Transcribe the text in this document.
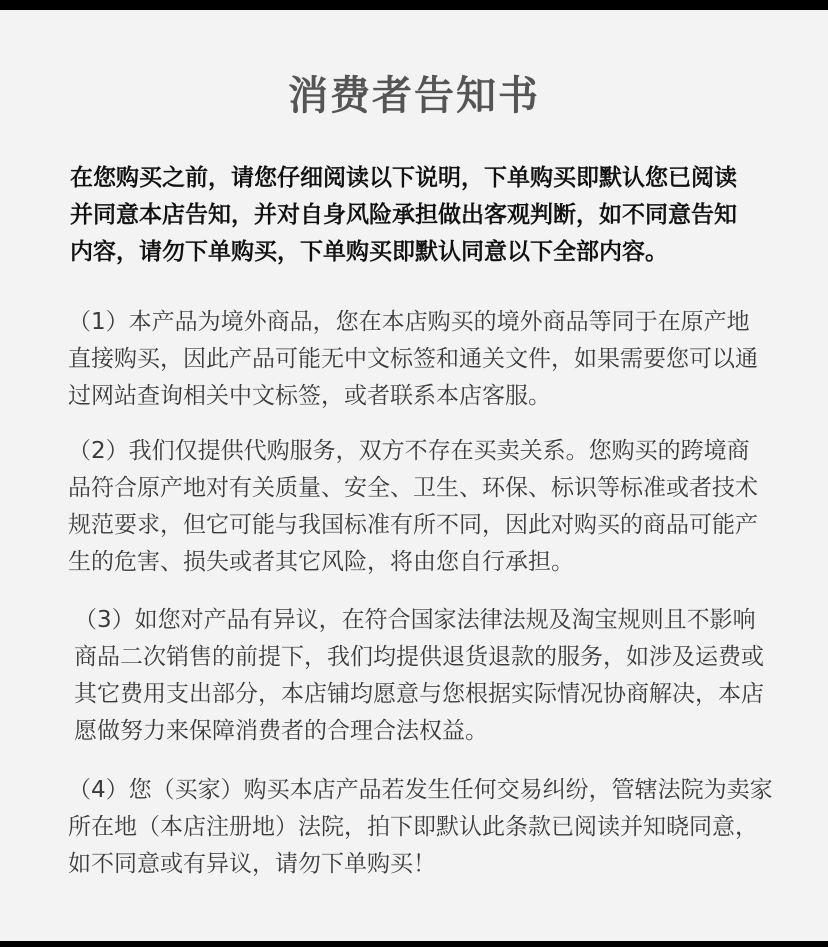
消费者告知书
在您购买之前，请您仔细阅读以下说明，下单购买即默认您已阅读
并同意本店告知，并对自身风险承担做出客观判断，如不同意告知
内容，请勿下单购买，下单购买即默认同意以下全部内容。
（1）本产品为境外商品，您在本店购买的境外商品等同于在原产地
直接购买，因此产品可能无中文标签和通关文件，如果需要您可以通
过网站查询相关中文标签，或者联系本店客服。
（2）我们仅提供代购服务，双方不存在买卖关系。您购买的跨境商
品符合原产地对有关质量、安全、卫生、环保、标识等标准或者技术
规范要求，但它可能与我国标准有所不同，因此对购买的商品可能产
生的危害、损失或者其它风险，将由您自行承担。
（3）如您对产品有异议，在符合国家法律法规及淘宝规则且不影响
商品二次销售的前提下，我们均提供退货退款的服务，如涉及运费或
其它费用支出部分，本店铺均愿意与您根据实际情况协商解决，本店
愿做努力来保障消费者的合理合法权益。
（4）您（买家）购买本店产品若发生任何交易纠纷，管辖法院为卖家
所在地（本店注册地）法院，拍下即默认此条款已阅读并知晓同意，
如不同意或有异议，请勿下单购买！
